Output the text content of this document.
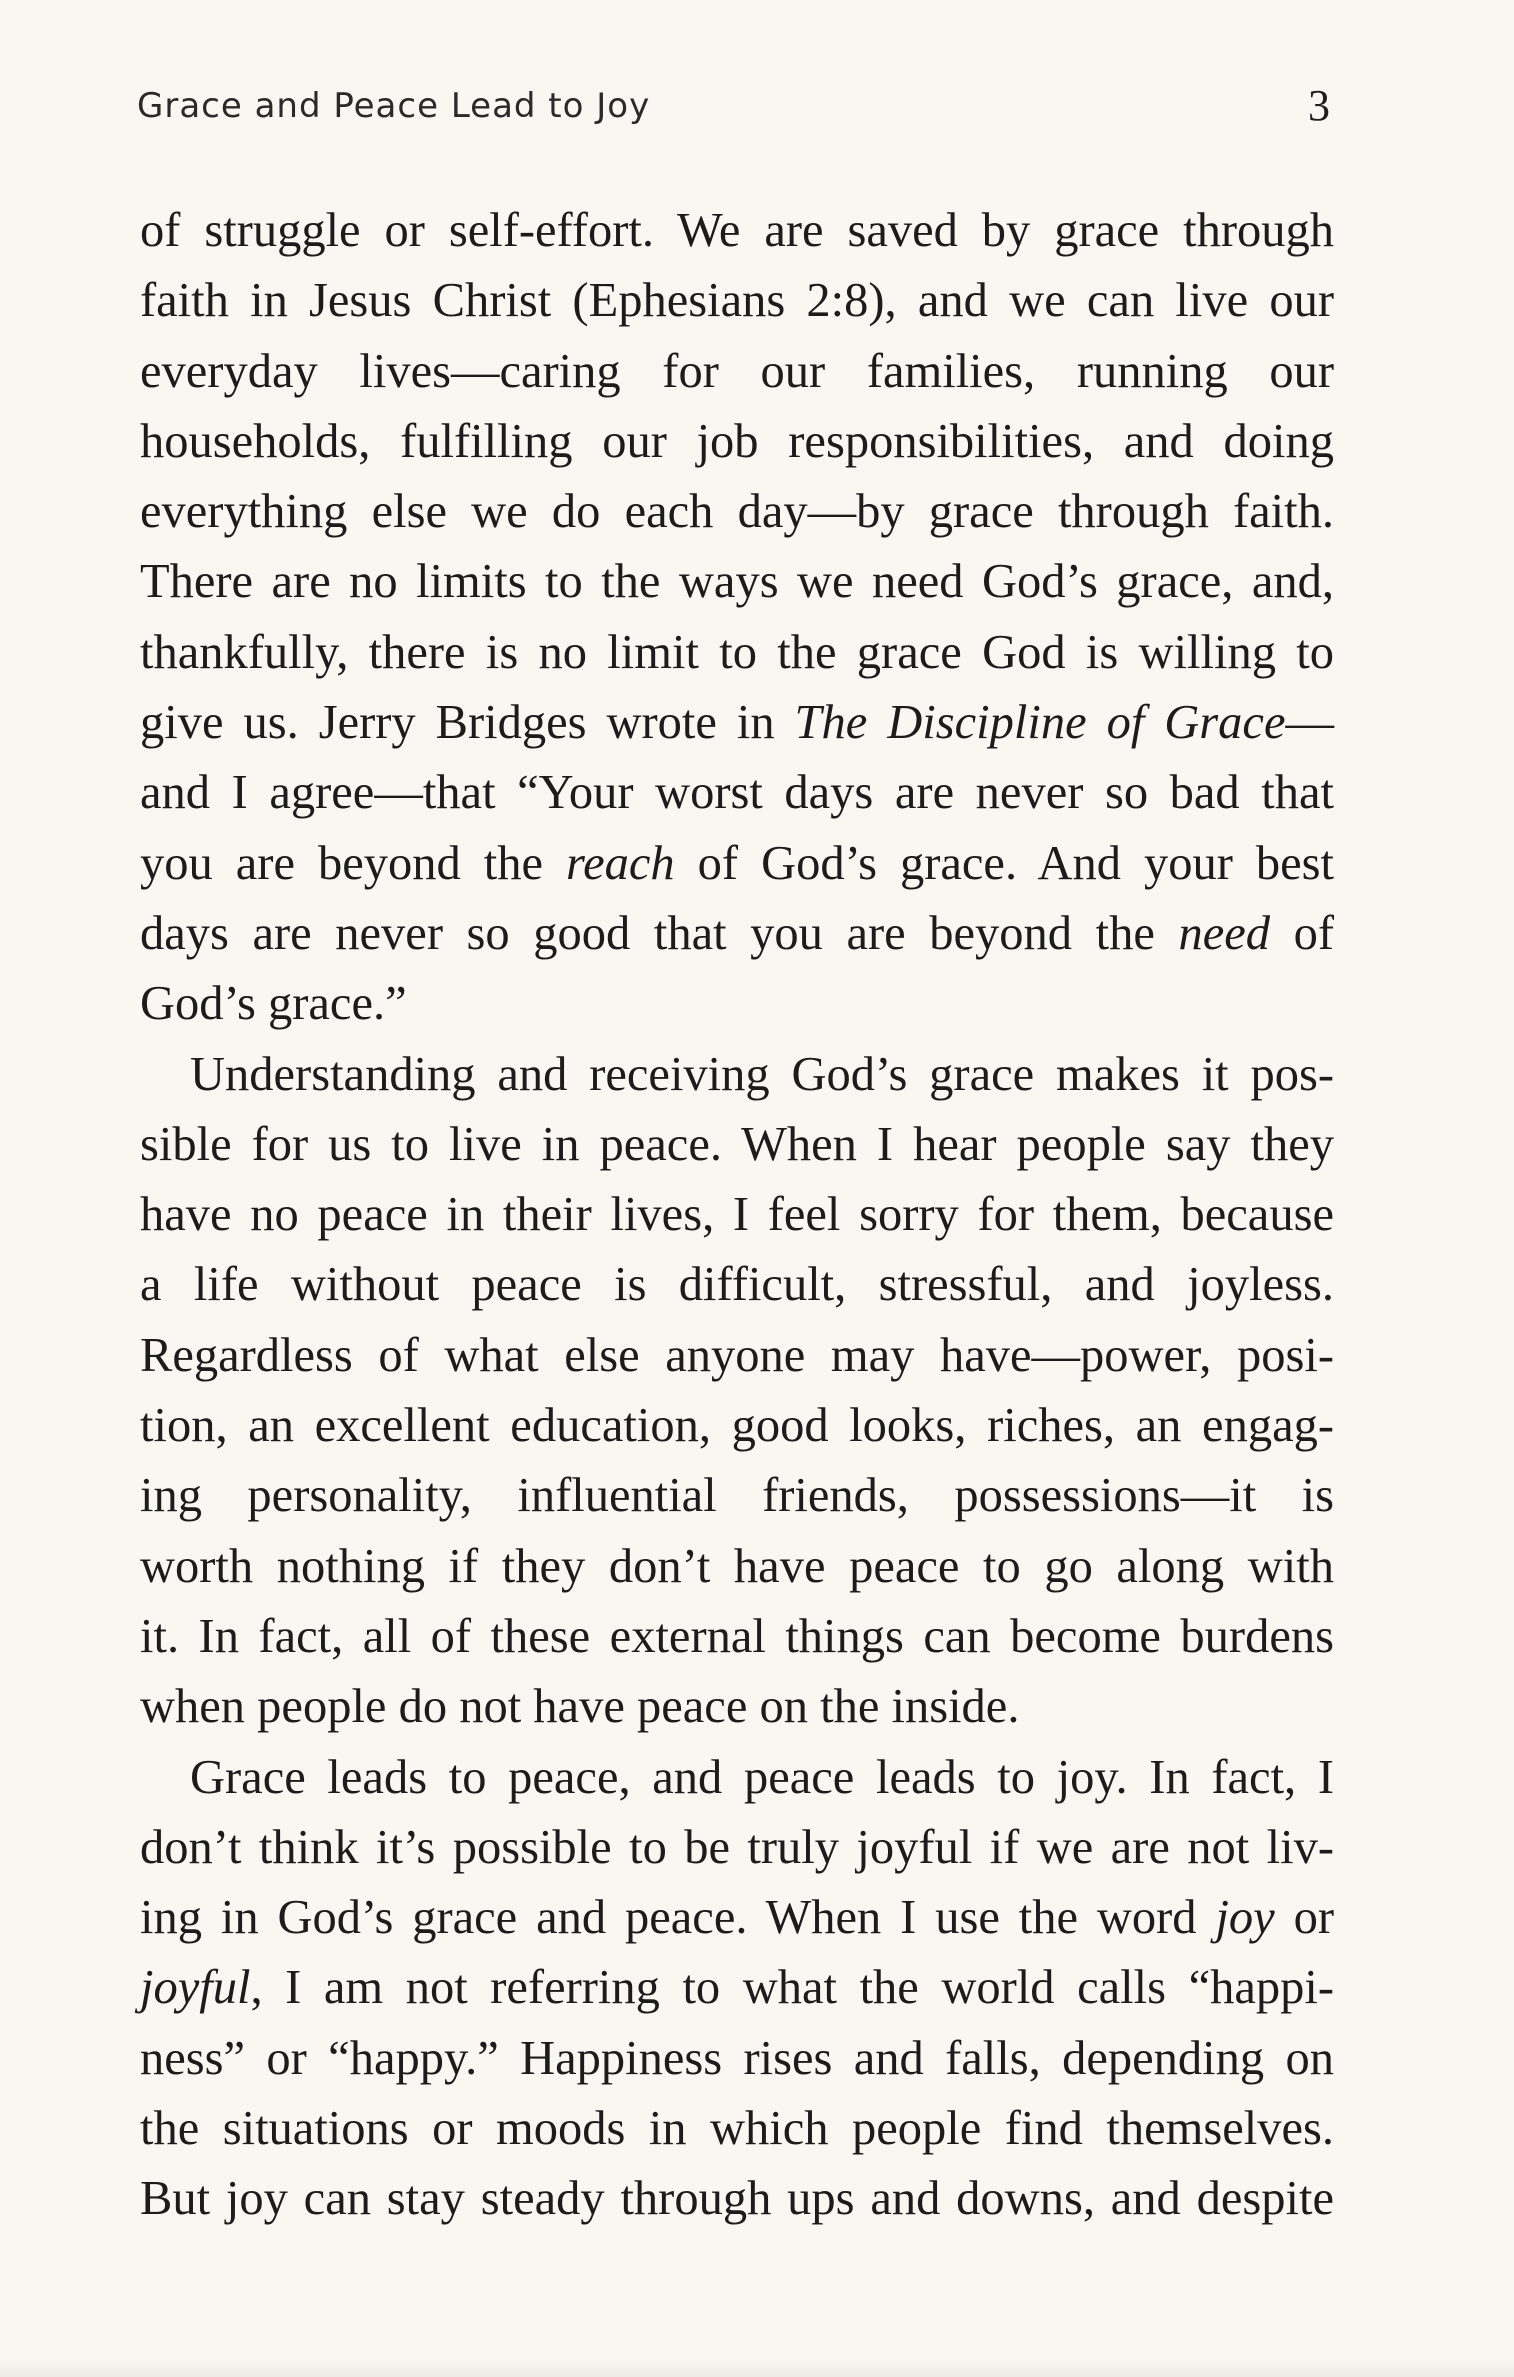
Grace and Peace Lead to Joy	3
of struggle or self-effort. We are saved by grace through
faith in Jesus Christ (Ephesians 2:8), and we can live our
everyday lives—caring for our families, running our
households, fulfilling our job responsibilities, and doing
everything else we do each day—by grace through faith.
There are no limits to the ways we need God’s grace, and,
thankfully, there is no limit to the grace God is willing to
give us. Jerry Bridges wrote in The Discipline of Grace—
and I agree—that “Your worst days are never so bad that
you are beyond the reach of God’s grace. And your best
days are never so good that you are beyond the need of
God’s grace.”
Understanding and receiving God’s grace makes it pos-
sible for us to live in peace. When I hear people say they
have no peace in their lives, I feel sorry for them, because
a life without peace is difficult, stressful, and joyless.
Regardless of what else anyone may have—power, posi-
tion, an excellent education, good looks, riches, an engag-
ing personality, influential friends, possessions—it is
worth nothing if they don’t have peace to go along with
it. In fact, all of these external things can become burdens
when people do not have peace on the inside.
Grace leads to peace, and peace leads to joy. In fact, I
don’t think it’s possible to be truly joyful if we are not liv-
ing in God’s grace and peace. When I use the word joy or
joyful, I am not referring to what the world calls “happi-
ness” or “happy.” Happiness rises and falls, depending on
the situations or moods in which people find themselves.
But joy can stay steady through ups and downs, and despite
